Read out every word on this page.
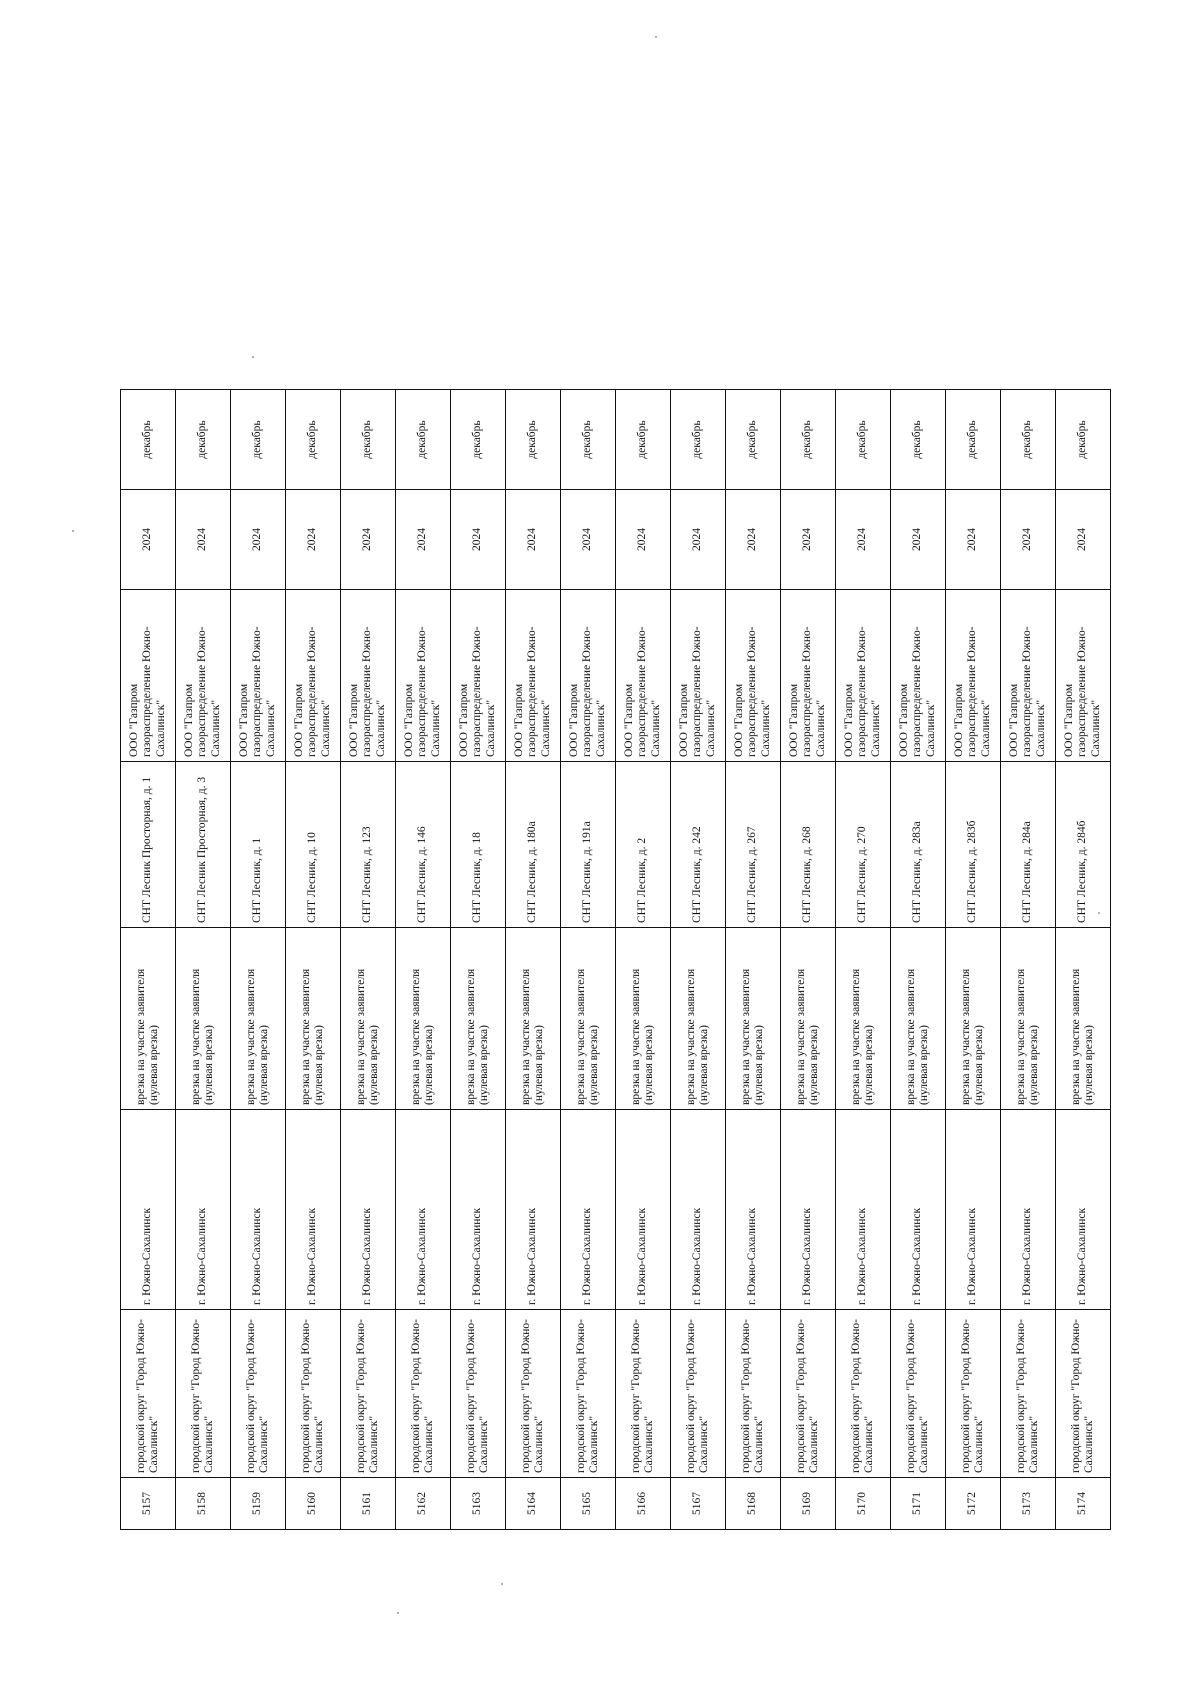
5157	городской округ "Город Южно-Сахалинск"	г. Южно-Сахалинск	врезка на участке заявителя (нулевая врезка)	СНТ Лесник Просторная, д. 1	ООО "Газпром газораспределение Южно-Сахалинск"	2024	декабрь
5158	городской округ "Город Южно-Сахалинск"	г. Южно-Сахалинск	врезка на участке заявителя (нулевая врезка)	СНТ Лесник Просторная, д. 3	ООО "Газпром газораспределение Южно-Сахалинск"	2024	декабрь
5159	городской округ "Город Южно-Сахалинск"	г. Южно-Сахалинск	врезка на участке заявителя (нулевая врезка)	СНТ Лесник, д. 1	ООО "Газпром газораспределение Южно-Сахалинск"	2024	декабрь
5160	городской округ "Город Южно-Сахалинск"	г. Южно-Сахалинск	врезка на участке заявителя (нулевая врезка)	СНТ Лесник, д. 10	ООО "Газпром газораспределение Южно-Сахалинск"	2024	декабрь
5161	городской округ "Город Южно-Сахалинск"	г. Южно-Сахалинск	врезка на участке заявителя (нулевая врезка)	СНТ Лесник, д. 123	ООО "Газпром газораспределение Южно-Сахалинск"	2024	декабрь
5162	городской округ "Город Южно-Сахалинск"	г. Южно-Сахалинск	врезка на участке заявителя (нулевая врезка)	СНТ Лесник, д. 146	ООО "Газпром газораспределение Южно-Сахалинск"	2024	декабрь
5163	городской округ "Город Южно-Сахалинск"	г. Южно-Сахалинск	врезка на участке заявителя (нулевая врезка)	СНТ Лесник, д. 18	ООО "Газпром газораспределение Южно-Сахалинск"	2024	декабрь
5164	городской округ "Город Южно-Сахалинск"	г. Южно-Сахалинск	врезка на участке заявителя (нулевая врезка)	СНТ Лесник, д. 180а	ООО "Газпром газораспределение Южно-Сахалинск"	2024	декабрь
5165	городской округ "Город Южно-Сахалинск"	г. Южно-Сахалинск	врезка на участке заявителя (нулевая врезка)	СНТ Лесник, д. 191а	ООО "Газпром газораспределение Южно-Сахалинск"	2024	декабрь
5166	городской округ "Город Южно-Сахалинск"	г. Южно-Сахалинск	врезка на участке заявителя (нулевая врезка)	СНТ Лесник, д. 2	ООО "Газпром газораспределение Южно-Сахалинск"	2024	декабрь
5167	городской округ "Город Южно-Сахалинск"	г. Южно-Сахалинск	врезка на участке заявителя (нулевая врезка)	СНТ Лесник, д. 242	ООО "Газпром газораспределение Южно-Сахалинск"	2024	декабрь
5168	городской округ "Город Южно-Сахалинск"	г. Южно-Сахалинск	врезка на участке заявителя (нулевая врезка)	СНТ Лесник, д. 267	ООО "Газпром газораспределение Южно-Сахалинск"	2024	декабрь
5169	городской округ "Город Южно-Сахалинск"	г. Южно-Сахалинск	врезка на участке заявителя (нулевая врезка)	СНТ Лесник, д. 268	ООО "Газпром газораспределение Южно-Сахалинск"	2024	декабрь
5170	городской округ "Город Южно-Сахалинск"	г. Южно-Сахалинск	врезка на участке заявителя (нулевая врезка)	СНТ Лесник, д. 270	ООО "Газпром газораспределение Южно-Сахалинск"	2024	декабрь
5171	городской округ "Город Южно-Сахалинск"	г. Южно-Сахалинск	врезка на участке заявителя (нулевая врезка)	СНТ Лесник, д. 283а	ООО "Газпром газораспределение Южно-Сахалинск"	2024	декабрь
5172	городской округ "Город Южно-Сахалинск"	г. Южно-Сахалинск	врезка на участке заявителя (нулевая врезка)	СНТ Лесник, д. 283б	ООО "Газпром газораспределение Южно-Сахалинск"	2024	декабрь
5173	городской округ "Город Южно-Сахалинск"	г. Южно-Сахалинск	врезка на участке заявителя (нулевая врезка)	СНТ Лесник, д. 284а	ООО "Газпром газораспределение Южно-Сахалинск"	2024	декабрь
5174	городской округ "Город Южно-Сахалинск"	г. Южно-Сахалинск	врезка на участке заявителя (нулевая врезка)	СНТ Лесник, д. 284б	ООО "Газпром газораспределение Южно-Сахалинск"	2024	декабрь
